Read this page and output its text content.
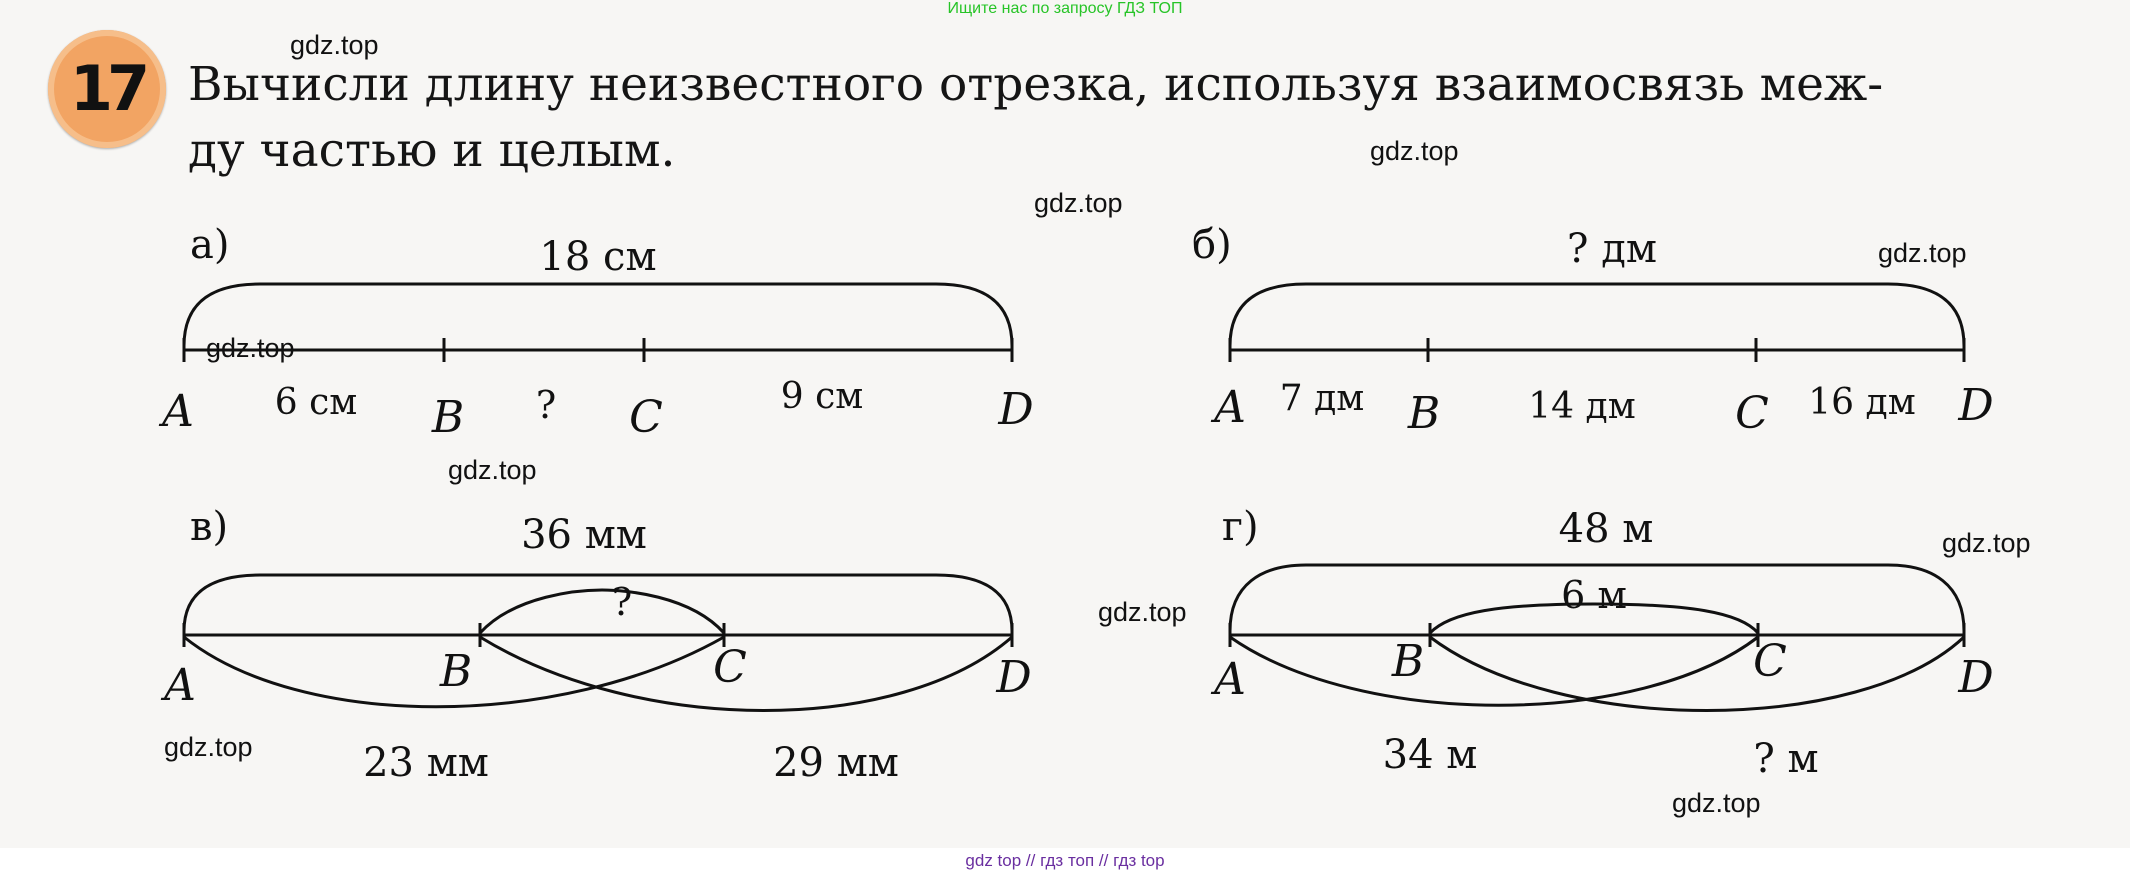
17 Вычисли длину неизвестного отрезка, используя взаимосвязь меж-
ду частью и целым.
а)	18 см
6 см	?	9 см
A	B	C	D
б)	? дм
7 дм	14 дм	16 дм
A	B	C	D
в)	36 мм
?
A	B	C	D
23 мм	29 мм
г)	48 м
6 м
A	B	C	D
34 м	? м
gdz.top
gdz.top
gdz.top
gdz.top
gdz.top
gdz.top
gdz.top
gdz.top
gdz.top
gdz.top
Ищите нас по запросу ГДЗ ТОП
gdz top // гдз топ // гдз top
